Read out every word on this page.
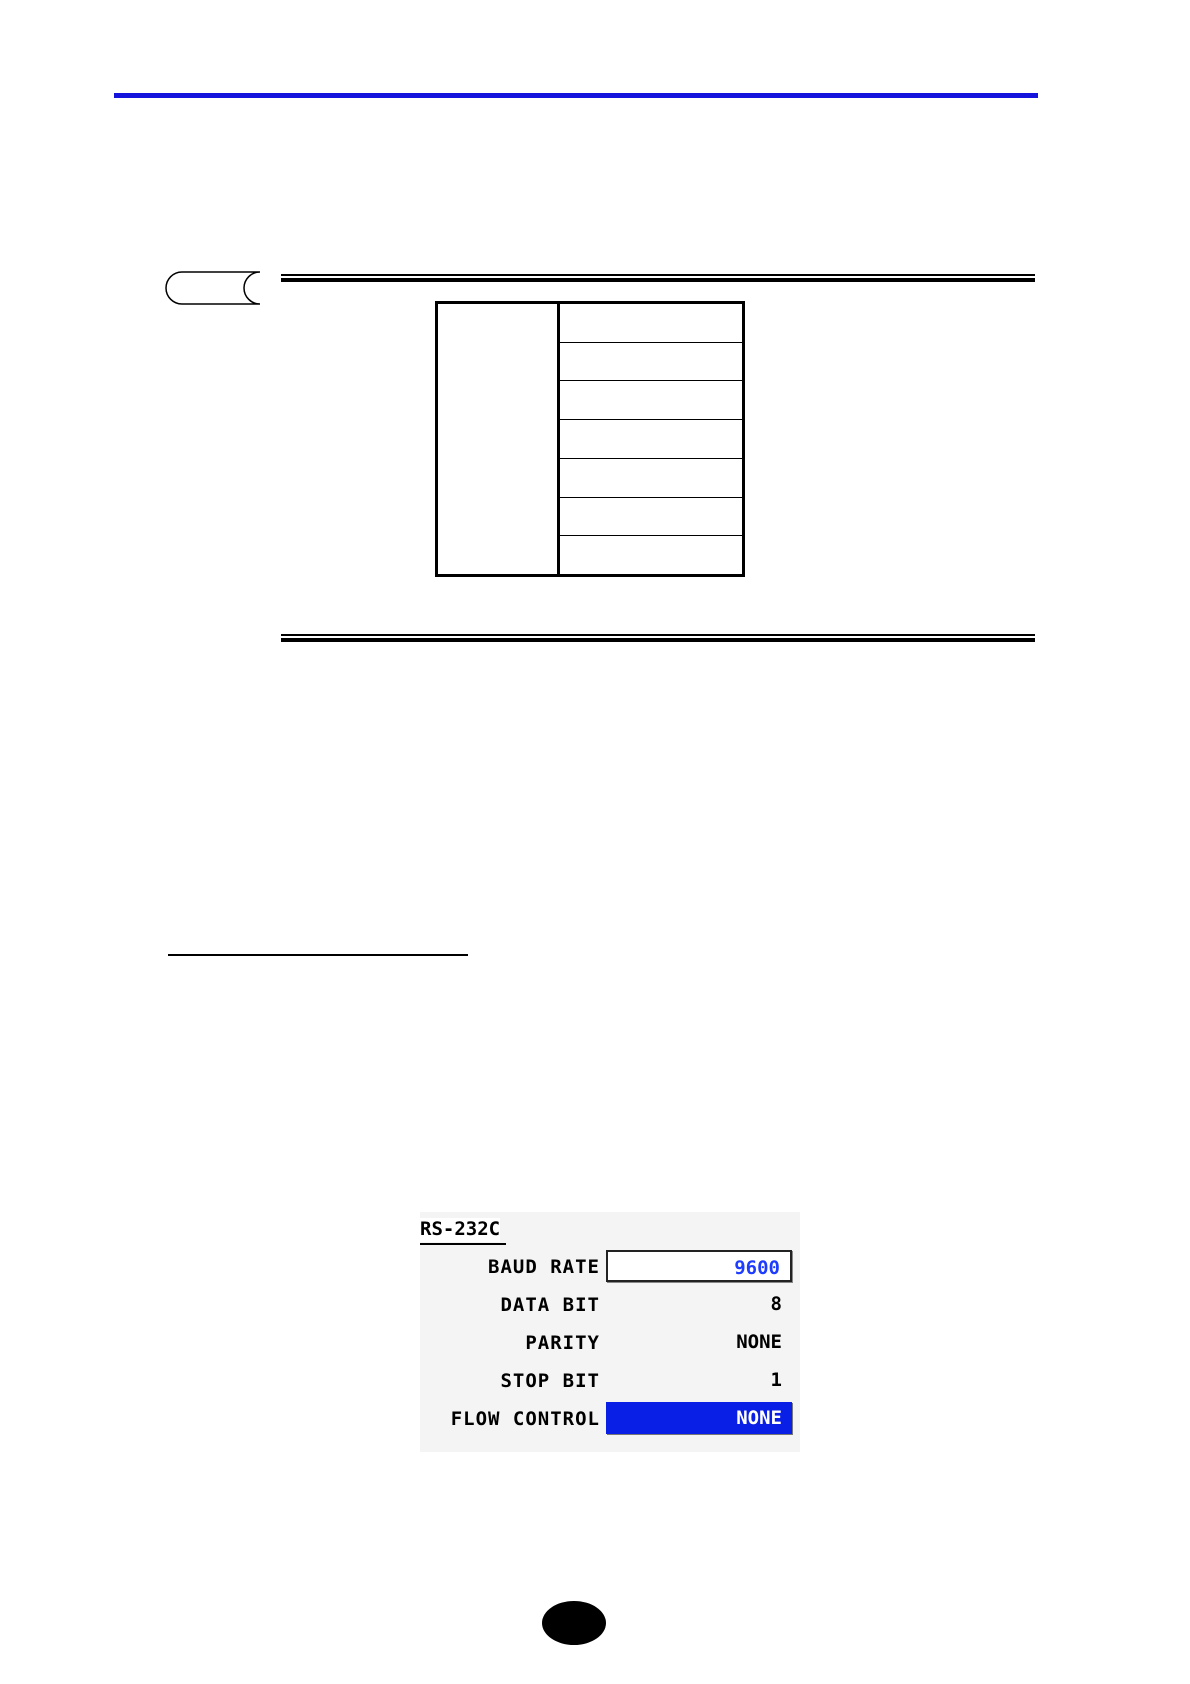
RS-232C
BAUD RATE	9600
DATA BIT	8
PARITY	NONE
STOP BIT	1
FLOW CONTROL	NONE
